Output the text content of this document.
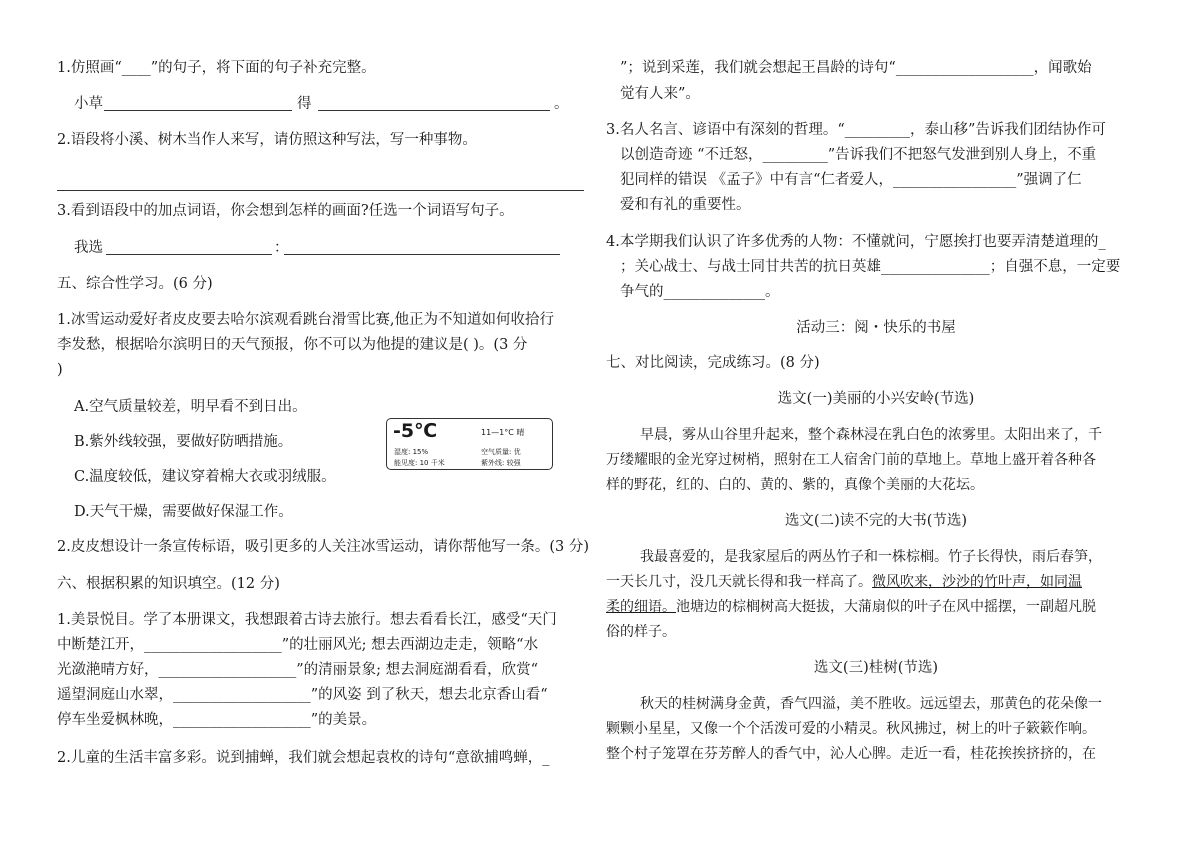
1.仿照画“____”的句子，将下面的句子补充完整。
小草	得	。
2.语段将小溪、树木当作人来写，请仿照这种写法，写一种事物。
3.看到语段中的加点词语，你会想到怎样的画面?任选一个词语写句子。
我选	：
五、综合性学习。(6 分)
1.冰雪运动爱好者皮皮要去哈尔滨观看跳台滑雪比赛,他正为不知道如何收拾行
李发愁，根据哈尔滨明日的天气预报，你不可以为他提的建议是( )。(3 分
)
A.空气质量较差，明早看不到日出。
B.紫外线较强，要做好防晒措施。
C.温度较低，建议穿着棉大衣或羽绒服。
D.天气干燥，需要做好保湿工作。
-5℃	11—1°C 晴
湿度: 15%	空气质量: 优
能见度: 10 千米	紫外线: 较强
2.皮皮想设计一条宣传标语，吸引更多的人关注冰雪运动，请你帮他写一条。(3 分)
六、根据积累的知识填空。(12 分)
1.美景悦目。学了本册课文，我想跟着古诗去旅行。想去看看长江，感受“天门
中断楚江开，___________________”的壮丽风光; 想去西湖边走走，领略“水
光潋滟晴方好，___________________”的清丽景象; 想去洞庭湖看看，欣赏“
遥望洞庭山水翠，___________________”的风姿 到了秋天，想去北京香山看“
停车坐爱枫林晚，___________________”的美景。
2.儿童的生活丰富多彩。说到捕蝉，我们就会想起袁枚的诗句“意欲捕鸣蝉，_
”；说到采莲，我们就会想起王昌龄的诗句“___________________，闻歌始
觉有人来”。
3.名人名言、谚语中有深刻的哲理。“_________，泰山移”告诉我们团结协作可
以创造奇迹 “不迁怒，_________”告诉我们不把怒气发泄到别人身上，不重
犯同样的错误 《孟子》中有言“仁者爱人，_________________”强调了仁
爱和有礼的重要性。
4.本学期我们认识了许多优秀的人物：不懂就问，宁愿挨打也要弄清楚道理的_
；关心战士、与战士同甘共苦的抗日英雄_______________；自强不息，一定要
争气的______________。
活动三：阅・快乐的书屋
七、对比阅读，完成练习。(8 分)
选文(一)美丽的小兴安岭(节选)
早晨，雾从山谷里升起来，整个森林浸在乳白色的浓雾里。太阳出来了，千
万缕耀眼的金光穿过树梢，照射在工人宿舍门前的草地上。草地上盛开着各种各
样的野花，红的、白的、黄的、紫的，真像个美丽的大花坛。
选文(二)读不完的大书(节选)
我最喜爱的，是我家屋后的两丛竹子和一株棕榈。竹子长得快，雨后春笋，
一天长几寸，没几天就长得和我一样高了。微风吹来，沙沙的竹叶声，如同温
柔的细语。池塘边的棕榈树高大挺拔，大蒲扇似的叶子在风中摇摆，一副超凡脱
俗的样子。
选文(三)桂树(节选)
秋天的桂树满身金黄，香气四溢，美不胜收。远远望去，那黄色的花朵像一
颗颗小星星，又像一个个活泼可爱的小精灵。秋风拂过，树上的叶子簌簌作响。
整个村子笼罩在芬芳醉人的香气中，沁人心脾。走近一看，桂花挨挨挤挤的，在
